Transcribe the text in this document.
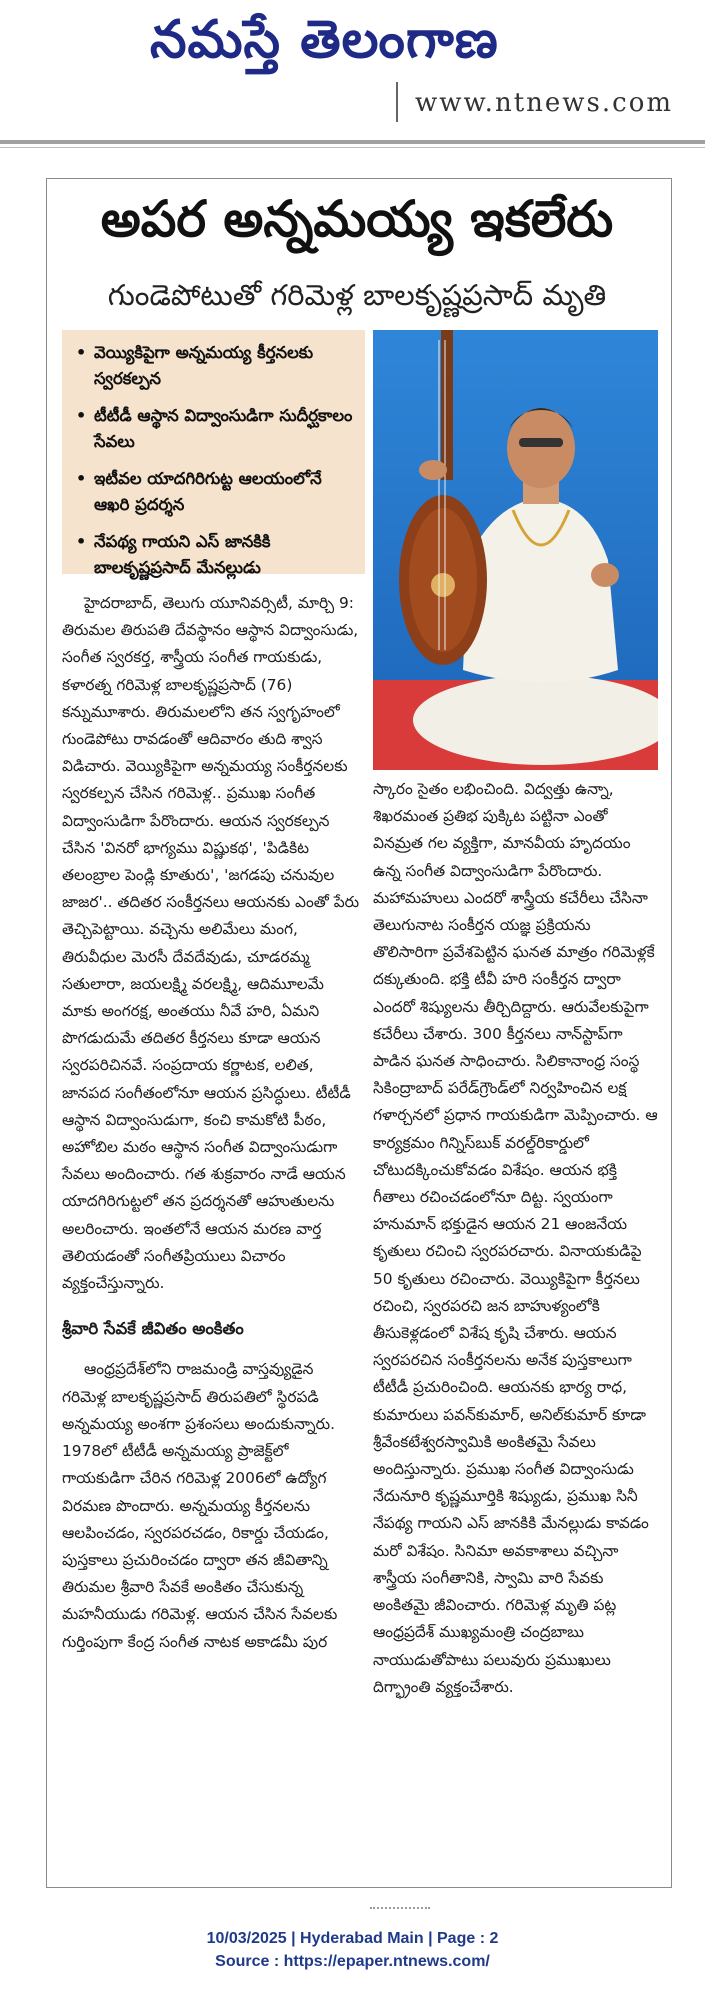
నమస్తే తెలంగాణ
www.ntnews.com
అపర అన్నమయ్య ఇకలేరు
గుండెపోటుతో గరిమెళ్ల బాలకృష్ణప్రసాద్ మృతి
• వెయ్యికిపైగా అన్నమయ్య కీర్తనలకు స్వరకల్పన
• టీటీడీ ఆస్థాన విద్వాంసుడిగా సుదీర్ఘకాలం సేవలు
• ఇటీవల యాదగిరిగుట్ట ఆలయంలోనే ఆఖరి ప్రదర్శన
• నేపథ్య గాయని ఎస్ జానకికి బాలకృష్ణప్రసాద్ మేనల్లుడు

హైదరాబాద్, తెలుగు యూనివర్సిటీ, మార్చి 9: తిరుమల తిరుపతి దేవస్థానం ఆస్థాన విద్వాంసుడు, సంగీత స్వరకర్త, శాస్త్రీయ సంగీత గాయకుడు, కళారత్న గరిమెళ్ల బాలకృష్ణప్రసాద్ (76) కన్నుమూశారు. తిరుమలలోని తన స్వగృహంలో గుండెపోటు రావడంతో ఆదివారం తుది శ్వాస విడిచారు. వెయ్యికిపైగా అన్నమయ్య సంకీర్తనలకు స్వరకల్పన చేసిన గరిమెళ్ల.. ప్రముఖ సంగీత విద్వాంసుడిగా పేరొందారు. ఆయన స్వరకల్పన చేసిన 'వినరో భాగ్యము విష్ణుకథ', 'పిడికిట తలంబ్రాల పెండ్లి కూతురు', 'జగడపు చనువుల జాజర'.. తదితర సంకీర్తనలు ఆయనకు ఎంతో పేరు తెచ్చిపెట్టాయి. వచ్చెను అలిమేలు మంగ, తిరువీధుల మెరసీ దేవదేవుడు, చూడరమ్మ సతులారా, జయలక్ష్మి వరలక్ష్మి, ఆదిమూలమే మాకు అంగరక్ష, అంతయు నీవే హరి, ఏమని పొగడుదుమే తదితర కీర్తనలు కూడా ఆయన స్వరపరిచినవే. సంప్రదాయ కర్ణాటక, లలిత, జానపద సంగీతంలోనూ ఆయన ప్రసిద్ధులు. టీటీడీ ఆస్థాన విద్వాంసుడుగా, కంచి కామకోటి పీఠం, అహోబిల మఠం ఆస్థాన సంగీత విద్వాంసుడుగా సేవలు అందించారు. గత శుక్రవారం నాడే ఆయన యాదగిరిగుట్టలో తన ప్రదర్శనతో ఆహుతులను అలరించారు. ఇంతలోనే ఆయన మరణ వార్త తెలియడంతో సంగీతప్రియులు విచారం వ్యక్తంచేస్తున్నారు.

శ్రీవారి సేవకే జీవితం అంకితం

ఆంధ్రప్రదేశ్‌లోని రాజమండ్రి వాస్తవ్యుడైన గరిమెళ్ల బాలకృష్ణప్రసాద్ తిరుపతిలో స్థిరపడి అన్నమయ్య అంశగా ప్రశంసలు అందుకున్నారు. 1978లో టీటీడీ అన్నమయ్య ప్రాజెక్ట్‌లో గాయకుడిగా చేరిన గరిమెళ్ల 2006లో ఉద్యోగ విరమణ పొందారు. అన్నమయ్య కీర్తనలను ఆలపించడం, స్వరపరచడం, రికార్డు చేయడం, పుస్తకాలు ప్రచురించడం ద్వారా తన జీవితాన్ని తిరుమల శ్రీవారి సేవకే అంకితం చేసుకున్న మహనీయుడు గరిమెళ్ల. ఆయన చేసిన సేవలకు గుర్తింపుగా కేంద్ర సంగీత నాటక అకాడమీ పుర

స్కారం సైతం లభించింది. విద్వత్తు ఉన్నా, శిఖరమంత ప్రతిభ పుక్కిట పట్టినా ఎంతో వినమ్రత గల వ్యక్తిగా, మానవీయ హృదయం ఉన్న సంగీత విద్వాంసుడిగా పేరొందారు. మహామహులు ఎందరో శాస్త్రీయ కచేరీలు చేసినా తెలుగునాట సంకీర్తన యజ్ఞ ప్రక్రియను తొలిసారిగా ప్రవేశపెట్టిన ఘనత మాత్రం గరిమెళ్లకే దక్కుతుంది. భక్తి టీవీ హరి సంకీర్తన ద్వారా ఎందరో శిష్యులను తీర్చిదిద్దారు. ఆరువేలకుపైగా కచేరీలు చేశారు. 300 కీర్తనలు నాన్‌స్టాప్‌గా పాడిన ఘనత సాధించారు. సిలికానాంధ్ర సంస్థ సికింద్రాబాద్ పరేడ్‌గ్రౌండ్‌లో నిర్వహించిన లక్ష గళార్చనలో ప్రధాన గాయకుడిగా మెప్పించారు. ఆ కార్యక్రమం గిన్నిస్‌బుక్ వరల్డ్‌రికార్డులో చోటుదక్కించుకోవడం విశేషం. ఆయన భక్తి గీతాలు రచించడంలోనూ దిట్ట. స్వయంగా హనుమాన్ భక్తుడైన ఆయన 21 ఆంజనేయ కృతులు రచించి స్వరపరచారు. వినాయకుడిపై 50 కృతులు రచించారు. వెయ్యికిపైగా కీర్తనలు రచించి, స్వరపరచి జన బాహుళ్యంలోకి తీసుకెళ్లడంలో విశేష కృషి చేశారు. ఆయన స్వరపరచిన సంకీర్తనలను అనేక పుస్తకాలుగా టీటీడీ ప్రచురించింది. ఆయనకు భార్య రాధ, కుమారులు పవన్‌కుమార్, అనిల్‌కుమార్ కూడా శ్రీవేంకటేశ్వరస్వామికి అంకితమై సేవలు అందిస్తున్నారు. ప్రముఖ సంగీత విద్వాంసుడు నేదునూరి కృష్ణమూర్తికి శిష్యుడు, ప్రముఖ సినీ నేపథ్య గాయని ఎస్ జానకికి మేనల్లుడు కావడం మరో విశేషం. సినిమా అవకాశాలు వచ్చినా శాస్త్రీయ సంగీతానికి, స్వామి వారి సేవకు అంకితమై జీవించారు. గరిమెళ్ల మృతి పట్ల ఆంధ్రప్రదేశ్ ముఖ్యమంత్రి చంద్రబాబు నాయుడుతోపాటు పలువురు ప్రముఖులు దిగ్భ్రాంతి వ్యక్తంచేశారు.

10/03/2025 | Hyderabad Main | Page : 2
Source : https://epaper.ntnews.com/
